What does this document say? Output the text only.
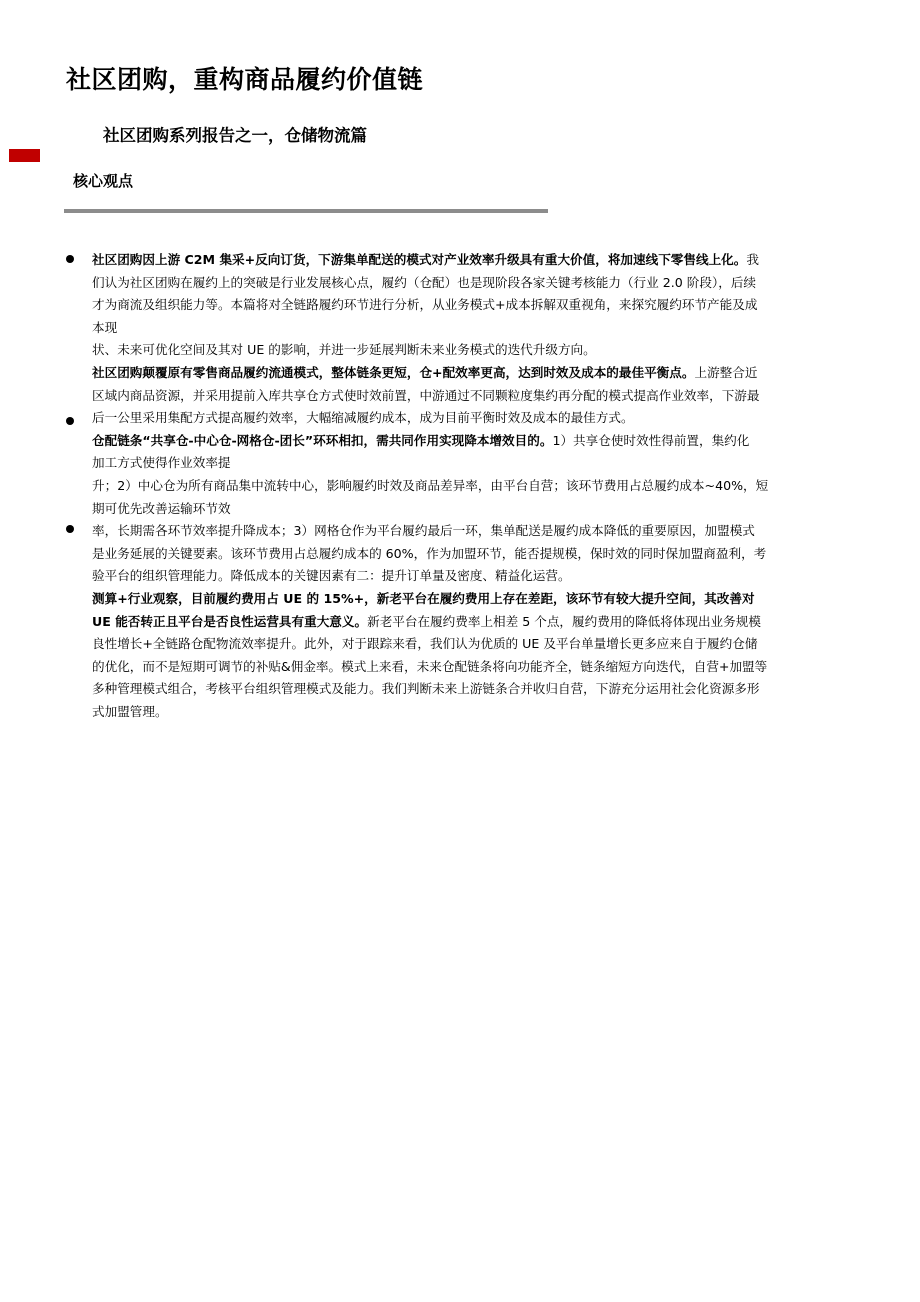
社区团购，重构商品履约价值链
社区团购系列报告之一，仓储物流篇
核心观点
社区团购因上游 C2M 集采+反向订货，下游集单配送的模式对产业效率升级具有重大价值，将加速线下零售线上化。我
们认为社区团购在履约上的突破是行业发展核心点，履约（仓配）也是现阶段各家关键考核能力（行业 2.0 阶段），后续
才为商流及组织能力等。本篇将对全链路履约环节进行分析，从业务模式+成本拆解双重视角，来探究履约环节产能及成
本现
状、未来可优化空间及其对 UE 的影响，并进一步延展判断未来业务模式的迭代升级方向。
社区团购颠覆原有零售商品履约流通模式，整体链条更短，仓+配效率更高，达到时效及成本的最佳平衡点。上游整合近
区域内商品资源，并采用提前入库共享仓方式使时效前置，中游通过不同颗粒度集约再分配的模式提高作业效率，下游最
后一公里采用集配方式提高履约效率，大幅缩减履约成本，成为目前平衡时效及成本的最佳方式。
仓配链条“共享仓-中心仓-网格仓-团长”环环相扣，需共同作用实现降本增效目的。1）共享仓使时效性得前置，集约化
加工方式使得作业效率提
升；2）中心仓为所有商品集中流转中心，影响履约时效及商品差异率，由平台自营；该环节费用占总履约成本~40%，短
期可优先改善运输环节效
率，长期需各环节效率提升降成本；3）网格仓作为平台履约最后一环，集单配送是履约成本降低的重要原因，加盟模式
是业务延展的关键要素。该环节费用占总履约成本的 60%，作为加盟环节，能否提规模，保时效的同时保加盟商盈利，考
验平台的组织管理能力。降低成本的关键因素有二：提升订单量及密度、精益化运营。
测算+行业观察，目前履约费用占 UE 的 15%+，新老平台在履约费用上存在差距，该环节有较大提升空间，其改善对
UE 能否转正且平台是否良性运营具有重大意义。新老平台在履约费率上相差 5 个点，履约费用的降低将体现出业务规模
良性增长+全链路仓配物流效率提升。此外，对于跟踪来看，我们认为优质的 UE 及平台单量增长更多应来自于履约仓储
的优化，而不是短期可调节的补贴&佣金率。模式上来看，未来仓配链条将向功能齐全，链条缩短方向迭代，自营+加盟等
多种管理模式组合，考核平台组织管理模式及能力。我们判断未来上游链条合并收归自营，下游充分运用社会化资源多形
式加盟管理。
